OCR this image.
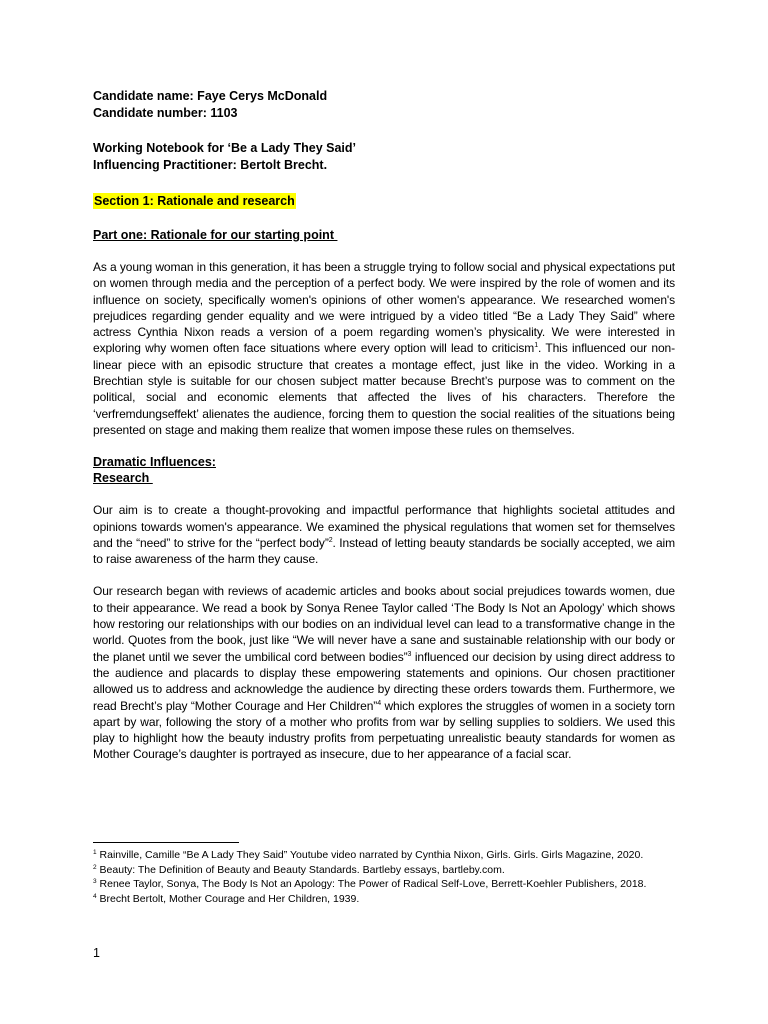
Candidate name: Faye Cerys McDonald

Candidate number: 1103

Working Notebook for ‘Be a Lady They Said’

Influencing Practitioner: Bertolt Brecht.

Section 1: Rationale and research

Part one: Rationale for our starting point

As a young woman in this generation, it has been a struggle trying to follow social and physical expectations put on women through media and the perception of a perfect body. We were inspired by the role of women and its influence on society, specifically women's opinions of other women's appearance. We researched women's prejudices regarding gender equality and we were intrigued by a video titled “Be a Lady They Said” where actress Cynthia Nixon reads a version of a poem regarding women’s physicality. We were interested in exploring why women often face situations where every option will lead to criticism$^1$. This influenced our non-linear piece with an episodic structure that creates a montage effect, just like in the video. Working in a Brechtian style is suitable for our chosen subject matter because Brecht’s purpose was to comment on the political, social and economic elements that affected the lives of his characters. Therefore the ‘verfremdungseffekt’ alienates the audience, forcing them to question the social realities of the situations being presented on stage and making them realize that women impose these rules on themselves.

Dramatic Influences:

Research

Our aim is to create a thought-provoking and impactful performance that highlights societal attitudes and opinions towards women's appearance. We examined the physical regulations that women set for themselves and the “need” to strive for the “perfect body”$^2$. Instead of letting beauty standards be socially accepted, we aim to raise awareness of the harm they cause.

Our research began with reviews of academic articles and books about social prejudices towards women, due to their appearance. We read a book by Sonya Renee Taylor called ‘The Body Is Not an Apology’ which shows how restoring our relationships with our bodies on an individual level can lead to a transformative change in the world. Quotes from the book, just like “We will never have a sane and sustainable relationship with our body or the planet until we sever the umbilical cord between bodies”$^3$ influenced our decision by using direct address to the audience and placards to display these empowering statements and opinions. Our chosen practitioner allowed us to address and acknowledge the audience by directing these orders towards them. Furthermore, we read Brecht’s play “Mother Courage and Her Children”$^4$ which explores the struggles of women in a society torn apart by war, following the story of a mother who profits from war by selling supplies to soldiers. We used this play to highlight how the beauty industry profits from perpetuating unrealistic beauty standards for women as Mother Courage’s daughter is portrayed as insecure, due to her appearance of a facial scar.

$^1$ Rainville, Camille “Be A Lady They Said” Youtube video narrated by Cynthia Nixon, Girls. Girls. Girls Magazine, 2020.

$^2$ Beauty: The Definition of Beauty and Beauty Standards. Bartleby essays, bartleby.com.

$^3$ Renee Taylor, Sonya, The Body Is Not an Apology: The Power of Radical Self-Love, Berrett-Koehler Publishers, 2018.

$^4$ Brecht Bertolt, Mother Courage and Her Children, 1939.

1
